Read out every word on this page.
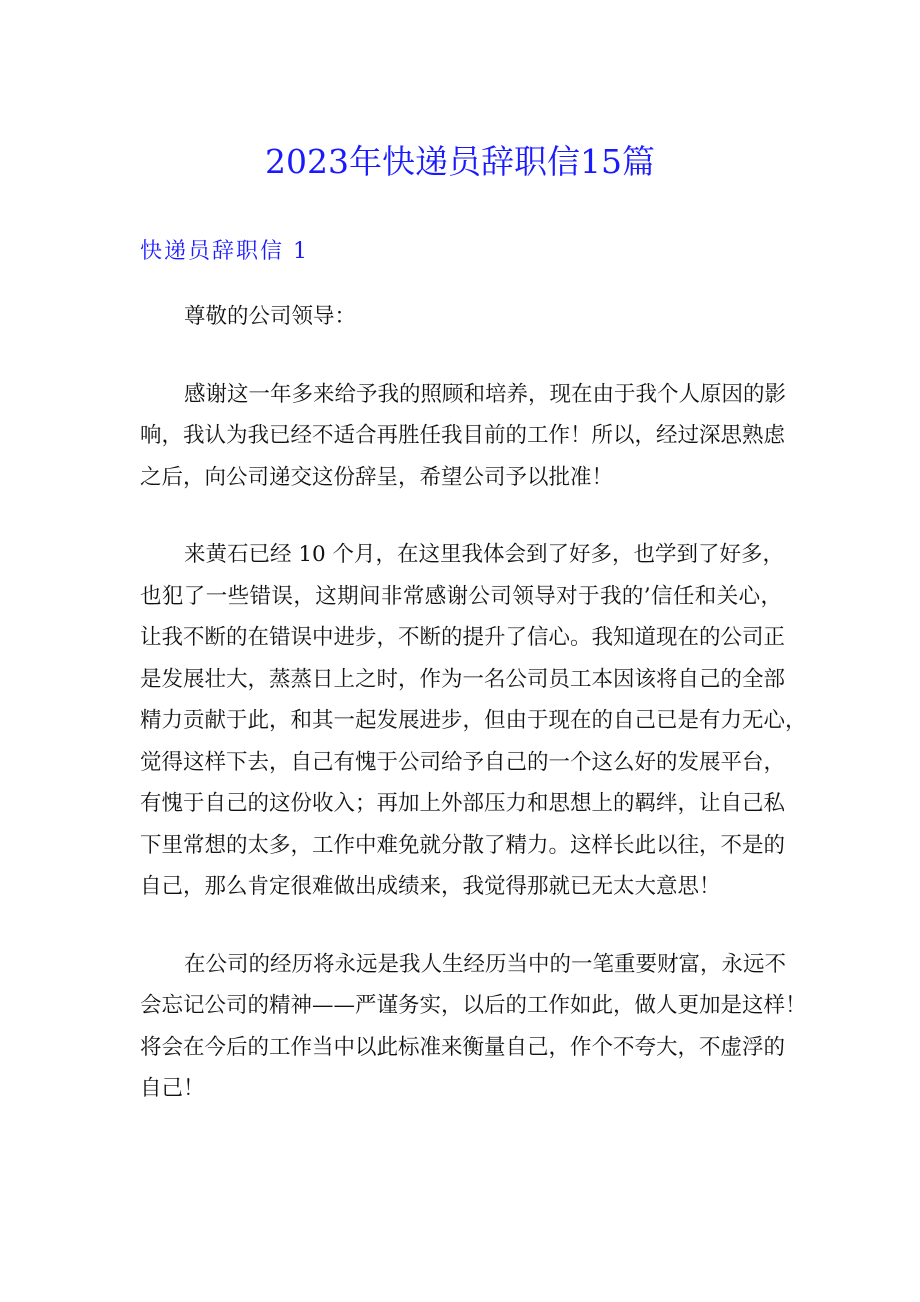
2023年快递员辞职信15篇
快递员辞职信 1
尊敬的公司领导：
感谢这一年多来给予我的照顾和培养，现在由于我个人原因的影
响，我认为我已经不适合再胜任我目前的工作！所以，经过深思熟虑
之后，向公司递交这份辞呈，希望公司予以批准！
来黄石已经 10 个月，在这里我体会到了好多，也学到了好多，
也犯了一些错误，这期间非常感谢公司领导对于我的’信任和关心，
让我不断的在错误中进步，不断的提升了信心。我知道现在的公司正
是发展壮大，蒸蒸日上之时，作为一名公司员工本因该将自己的全部
精力贡献于此，和其一起发展进步，但由于现在的自己已是有力无心，
觉得这样下去，自己有愧于公司给予自己的一个这么好的发展平台，
有愧于自己的这份收入；再加上外部压力和思想上的羁绊，让自己私
下里常想的太多，工作中难免就分散了精力。这样长此以往，不是的
自己，那么肯定很难做出成绩来，我觉得那就已无太大意思！
在公司的经历将永远是我人生经历当中的一笔重要财富，永远不
会忘记公司的精神——严谨务实，以后的工作如此，做人更加是这样！
将会在今后的工作当中以此标准来衡量自己，作个不夸大，不虚浮的
自己！
